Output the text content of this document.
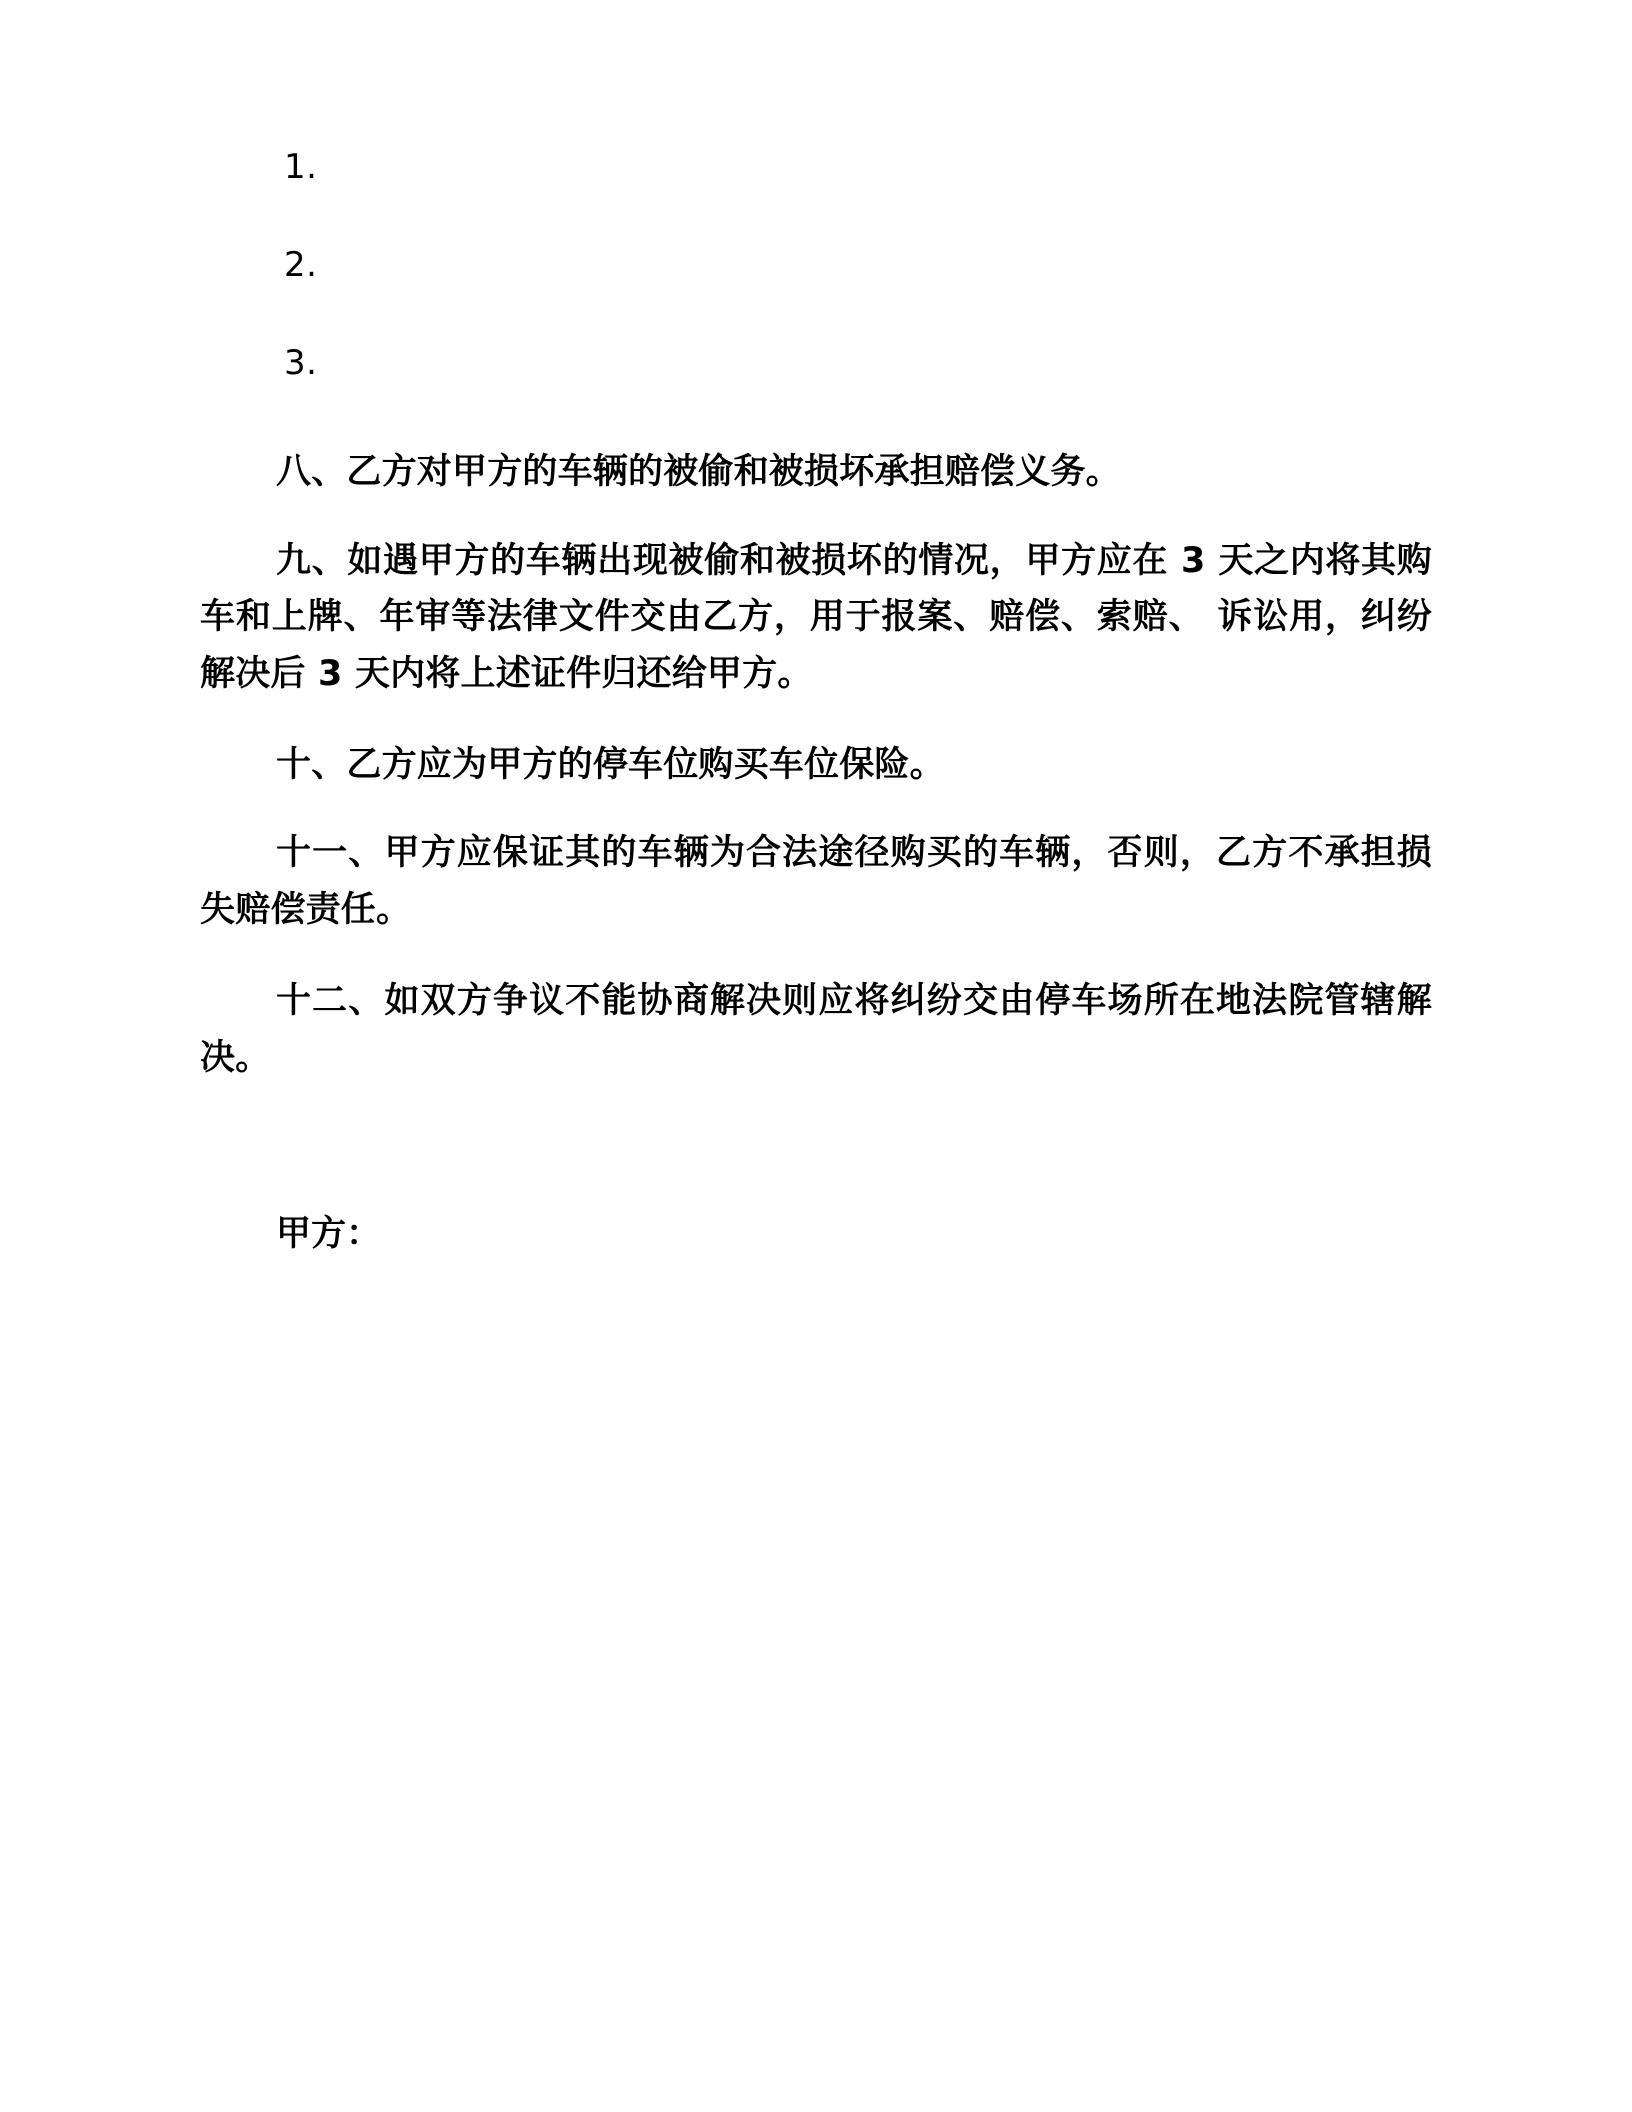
1.
2.
3.

八、乙方对甲方的车辆的被偷和被损坏承担赔偿义务。

九、如遇甲方的车辆出现被偷和被损坏的情况，甲方应在 3 天之内将其购车和上牌、年审等法律文件交由乙方，用于报案、赔偿、索赔、 诉讼用，纠纷解决后 3 天内将上述证件归还给甲方。

十、乙方应为甲方的停车位购买车位保险。

十一、甲方应保证其的车辆为合法途径购买的车辆，否则，乙方不承担损失赔偿责任。

十二、如双方争议不能协商解决则应将纠纷交由停车场所在地法院管辖解决。

甲方：
